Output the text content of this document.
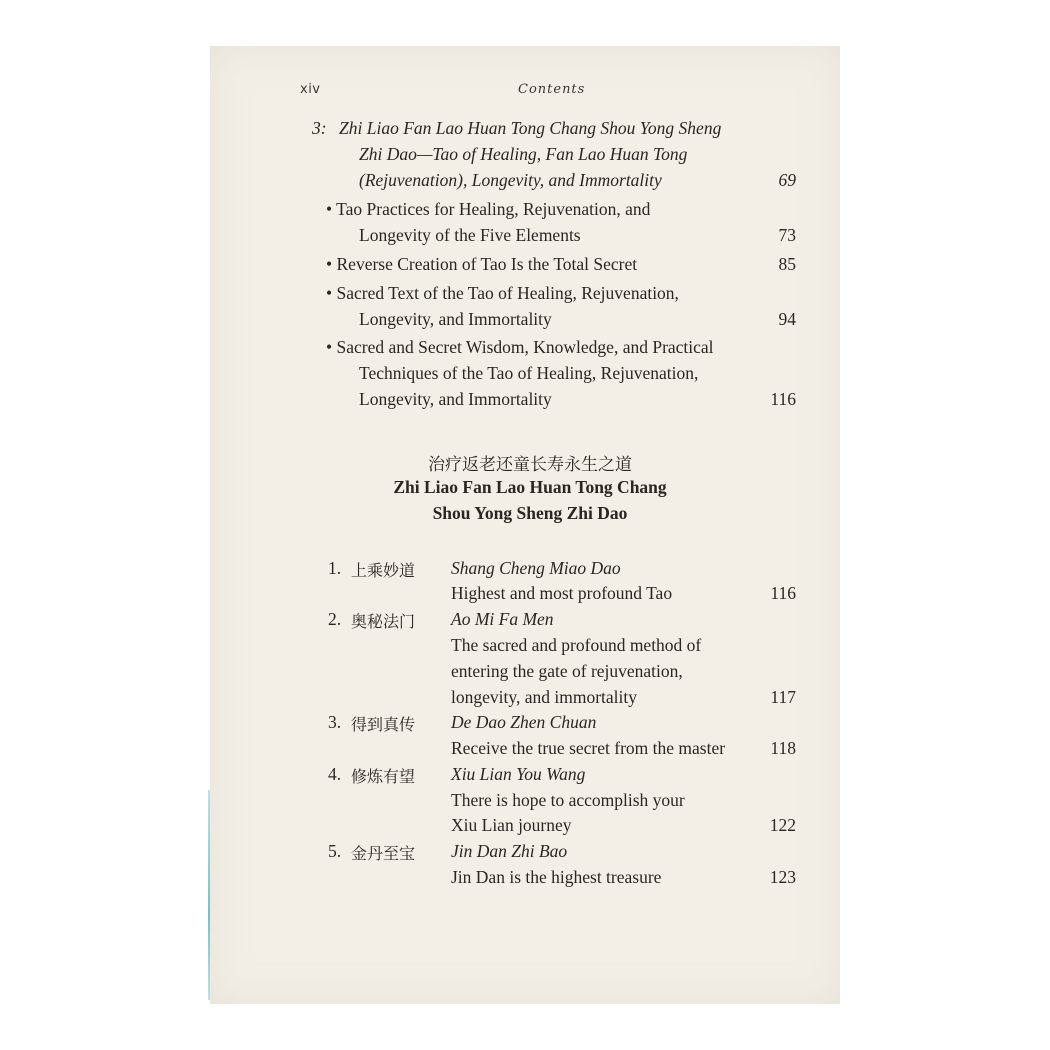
xiv	Contents
3: Zhi Liao Fan Lao Huan Tong Chang Shou Yong Sheng
Zhi Dao—Tao of Healing, Fan Lao Huan Tong
(Rejuvenation), Longevity, and Immortality	69
• Tao Practices for Healing, Rejuvenation, and
Longevity of the Five Elements	73
• Reverse Creation of Tao Is the Total Secret	85
• Sacred Text of the Tao of Healing, Rejuvenation,
Longevity, and Immortality	94
• Sacred and Secret Wisdom, Knowledge, and Practical
Techniques of the Tao of Healing, Rejuvenation,
Longevity, and Immortality	116
治疗返老还童长寿永生之道
Zhi Liao Fan Lao Huan Tong Chang
Shou Yong Sheng Zhi Dao
1. 上乘妙道 Shang Cheng Miao Dao
Highest and most profound Tao	116
2. 奥秘法门 Ao Mi Fa Men
The sacred and profound method of
entering the gate of rejuvenation,
longevity, and immortality	117
3. 得到真传 De Dao Zhen Chuan
Receive the true secret from the master	118
4. 修炼有望 Xiu Lian You Wang
There is hope to accomplish your
Xiu Lian journey	122
5. 金丹至宝 Jin Dan Zhi Bao
Jin Dan is the highest treasure	123
